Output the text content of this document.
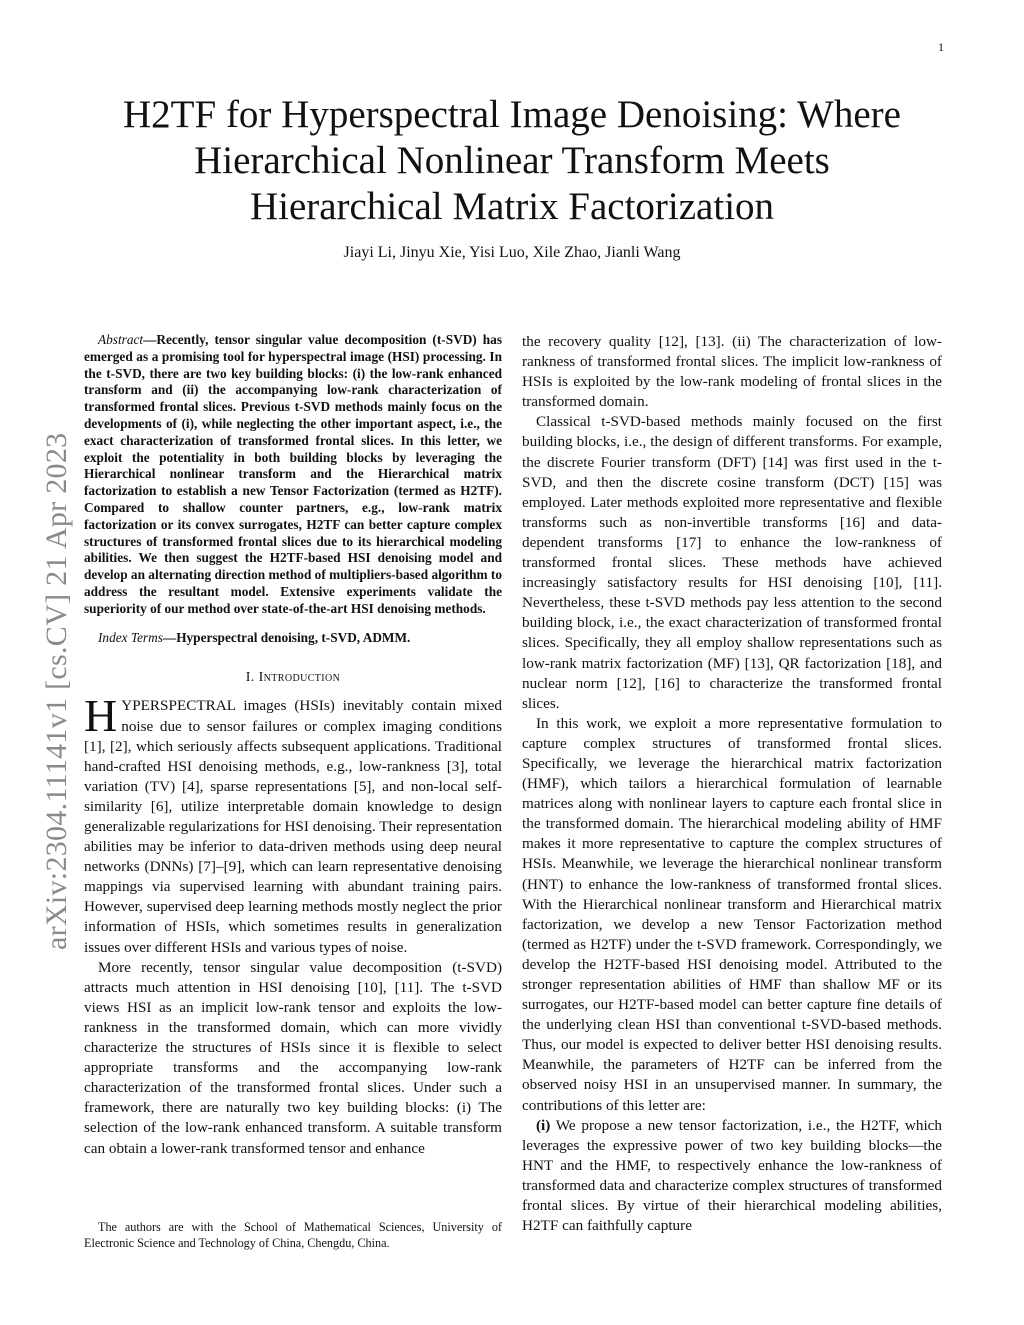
1
arXiv:2304.11141v1 [cs.CV] 21 Apr 2023
H2TF for Hyperspectral Image Denoising: Where
Hierarchical Nonlinear Transform Meets
Hierarchical Matrix Factorization
Jiayi Li, Jinyu Xie, Yisi Luo, Xile Zhao, Jianli Wang

Abstract—Recently, tensor singular value decomposition (t-SVD) has emerged as a promising tool for hyperspectral image (HSI) processing. In the t-SVD, there are two key building blocks: (i) the low-rank enhanced transform and (ii) the accompanying low-rank characterization of transformed frontal slices. Previous t-SVD methods mainly focus on the developments of (i), while neglecting the other important aspect, i.e., the exact characterization of transformed frontal slices. In this letter, we exploit the potentiality in both building blocks by leveraging the Hierarchical nonlinear transform and the Hierarchical matrix factorization to establish a new Tensor Factorization (termed as H2TF). Compared to shallow counter partners, e.g., low-rank matrix factorization or its convex surrogates, H2TF can better capture complex structures of transformed frontal slices due to its hierarchical modeling abilities. We then suggest the H2TF-based HSI denoising model and develop an alternating direction method of multipliers-based algorithm to address the resultant model. Extensive experiments validate the superiority of our method over state-of-the-art HSI denoising methods.

Index Terms—Hyperspectral denoising, t-SVD, ADMM.

I. Introduction

HYPERSPECTRAL images (HSIs) inevitably contain mixed noise due to sensor failures or complex imaging conditions [1], [2], which seriously affects subsequent applications. Traditional hand-crafted HSI denoising methods, e.g., low-rankness [3], total variation (TV) [4], sparse representations [5], and non-local self-similarity [6], utilize interpretable domain knowledge to design generalizable regularizations for HSI denoising. Their representation abilities may be inferior to data-driven methods using deep neural networks (DNNs) [7]–[9], which can learn representative denoising mappings via supervised learning with abundant training pairs. However, supervised deep learning methods mostly neglect the prior information of HSIs, which sometimes results in generalization issues over different HSIs and various types of noise.

More recently, tensor singular value decomposition (t-SVD) attracts much attention in HSI denoising [10], [11]. The t-SVD views HSI as an implicit low-rank tensor and exploits the low-rankness in the transformed domain, which can more vividly characterize the structures of HSIs since it is flexible to select appropriate transforms and the accompanying low-rank characterization of the transformed frontal slices. Under such a framework, there are naturally two key building blocks: (i) The selection of the low-rank enhanced transform. A suitable transform can obtain a lower-rank transformed tensor and enhance

the recovery quality [12], [13]. (ii) The characterization of low-rankness of transformed frontal slices. The implicit low-rankness of HSIs is exploited by the low-rank modeling of frontal slices in the transformed domain.

Classical t-SVD-based methods mainly focused on the first building blocks, i.e., the design of different transforms. For example, the discrete Fourier transform (DFT) [14] was first used in the t-SVD, and then the discrete cosine transform (DCT) [15] was employed. Later methods exploited more representative and flexible transforms such as non-invertible transforms [16] and data-dependent transforms [17] to enhance the low-rankness of transformed frontal slices. These methods have achieved increasingly satisfactory results for HSI denoising [10], [11]. Nevertheless, these t-SVD methods pay less attention to the second building block, i.e., the exact characterization of transformed frontal slices. Specifically, they all employ shallow representations such as low-rank matrix factorization (MF) [13], QR factorization [18], and nuclear norm [12], [16] to characterize the transformed frontal slices.

In this work, we exploit a more representative formulation to capture complex structures of transformed frontal slices. Specifically, we leverage the hierarchical matrix factorization (HMF), which tailors a hierarchical formulation of learnable matrices along with nonlinear layers to capture each frontal slice in the transformed domain. The hierarchical modeling ability of HMF makes it more representative to capture the complex structures of HSIs. Meanwhile, we leverage the hierarchical nonlinear transform (HNT) to enhance the low-rankness of transformed frontal slices. With the Hierarchical nonlinear transform and Hierarchical matrix factorization, we develop a new Tensor Factorization method (termed as H2TF) under the t-SVD framework. Correspondingly, we develop the H2TF-based HSI denoising model. Attributed to the stronger representation abilities of HMF than shallow MF or its surrogates, our H2TF-based model can better capture fine details of the underlying clean HSI than conventional t-SVD-based methods. Thus, our model is expected to deliver better HSI denoising results. Meanwhile, the parameters of H2TF can be inferred from the observed noisy HSI in an unsupervised manner. In summary, the contributions of this letter are:

(i) We propose a new tensor factorization, i.e., the H2TF, which leverages the expressive power of two key building blocks—the HNT and the HMF, to respectively enhance the low-rankness of transformed data and characterize complex structures of transformed frontal slices. By virtue of their hierarchical modeling abilities, H2TF can faithfully capture

The authors are with the School of Mathematical Sciences, University of Electronic Science and Technology of China, Chengdu, China.
